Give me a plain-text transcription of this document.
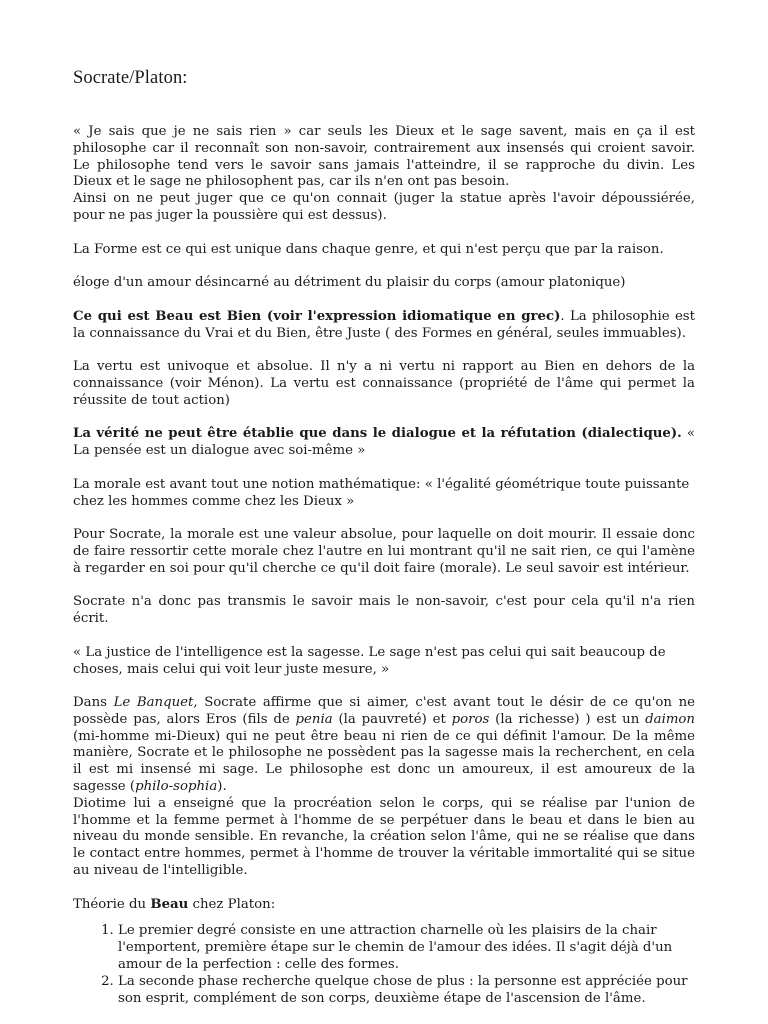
Socrate/Platon:

« Je sais que je ne sais rien » car seuls les Dieux et le sage savent, mais en ça il est philosophe car il reconnaît son non-savoir, contrairement aux insensés qui croient savoir. Le philosophe tend vers le savoir sans jamais l'atteindre, il se rapproche du divin. Les Dieux et le sage ne philosophent pas, car ils n'en ont pas besoin.

Ainsi on ne peut juger que ce qu'on connait (juger la statue après l'avoir dépoussiérée, pour ne pas juger la poussière qui est dessus).

La Forme est ce qui est unique dans chaque genre, et qui n'est perçu que par la raison.

éloge d'un amour désincarné au détriment du plaisir du corps (amour platonique)

Ce qui est Beau est Bien (voir l'expression idiomatique en grec). La philosophie est la connaissance du Vrai et du Bien, être Juste ( des Formes en général, seules immuables).

La vertu est univoque et absolue. Il n'y a ni vertu ni rapport au Bien en dehors de la connaissance (voir Ménon). La vertu est connaissance (propriété de l'âme qui permet la réussite de tout action)

La vérité ne peut être établie que dans le dialogue et la réfutation (dialectique). « La pensée est un dialogue avec soi-même »

La morale est avant tout une notion mathématique: « l'égalité géométrique toute puissante chez les hommes comme chez les Dieux »

Pour Socrate, la morale est une valeur absolue, pour laquelle on doit mourir. Il essaie donc de faire ressortir cette morale chez l'autre en lui montrant qu'il ne sait rien, ce qui l'amène à regarder en soi pour qu'il cherche ce qu'il doit faire (morale). Le seul savoir est intérieur.

Socrate n'a donc pas transmis le savoir mais le non-savoir, c'est pour cela qu'il n'a rien écrit.

« La justice de l'intelligence est la sagesse. Le sage n'est pas celui qui sait beaucoup de choses, mais celui qui voit leur juste mesure, »

Dans Le Banquet, Socrate affirme que si aimer, c'est avant tout le désir de ce qu'on ne possède pas, alors Eros (fils de penia (la pauvreté) et poros (la richesse) ) est un daimon (mi-homme mi-Dieux) qui ne peut être beau ni rien de ce qui définit l'amour. De la même manière, Socrate et le philosophe ne possèdent pas la sagesse mais la recherchent, en cela il est mi insensé mi sage. Le philosophe est donc un amoureux, il est amoureux de la sagesse (philo-sophia).

Diotime lui a enseigné que la procréation selon le corps, qui se réalise par l'union de l'homme et la femme permet à l'homme de se perpétuer dans le beau et dans le bien au niveau du monde sensible. En revanche, la création selon l'âme, qui ne se réalise que dans le contact entre hommes, permet à l'homme de trouver la véritable immortalité qui se situe au niveau de l'intelligible.

Théorie du Beau chez Platon:

1. Le premier degré consiste en une attraction charnelle où les plaisirs de la chair l'emportent, première étape sur le chemin de l'amour des idées. Il s'agit déjà d'un amour de la perfection : celle des formes.
2. La seconde phase recherche quelque chose de plus : la personne est appréciée pour son esprit, complément de son corps, deuxième étape de l'ascension de l'âme.
